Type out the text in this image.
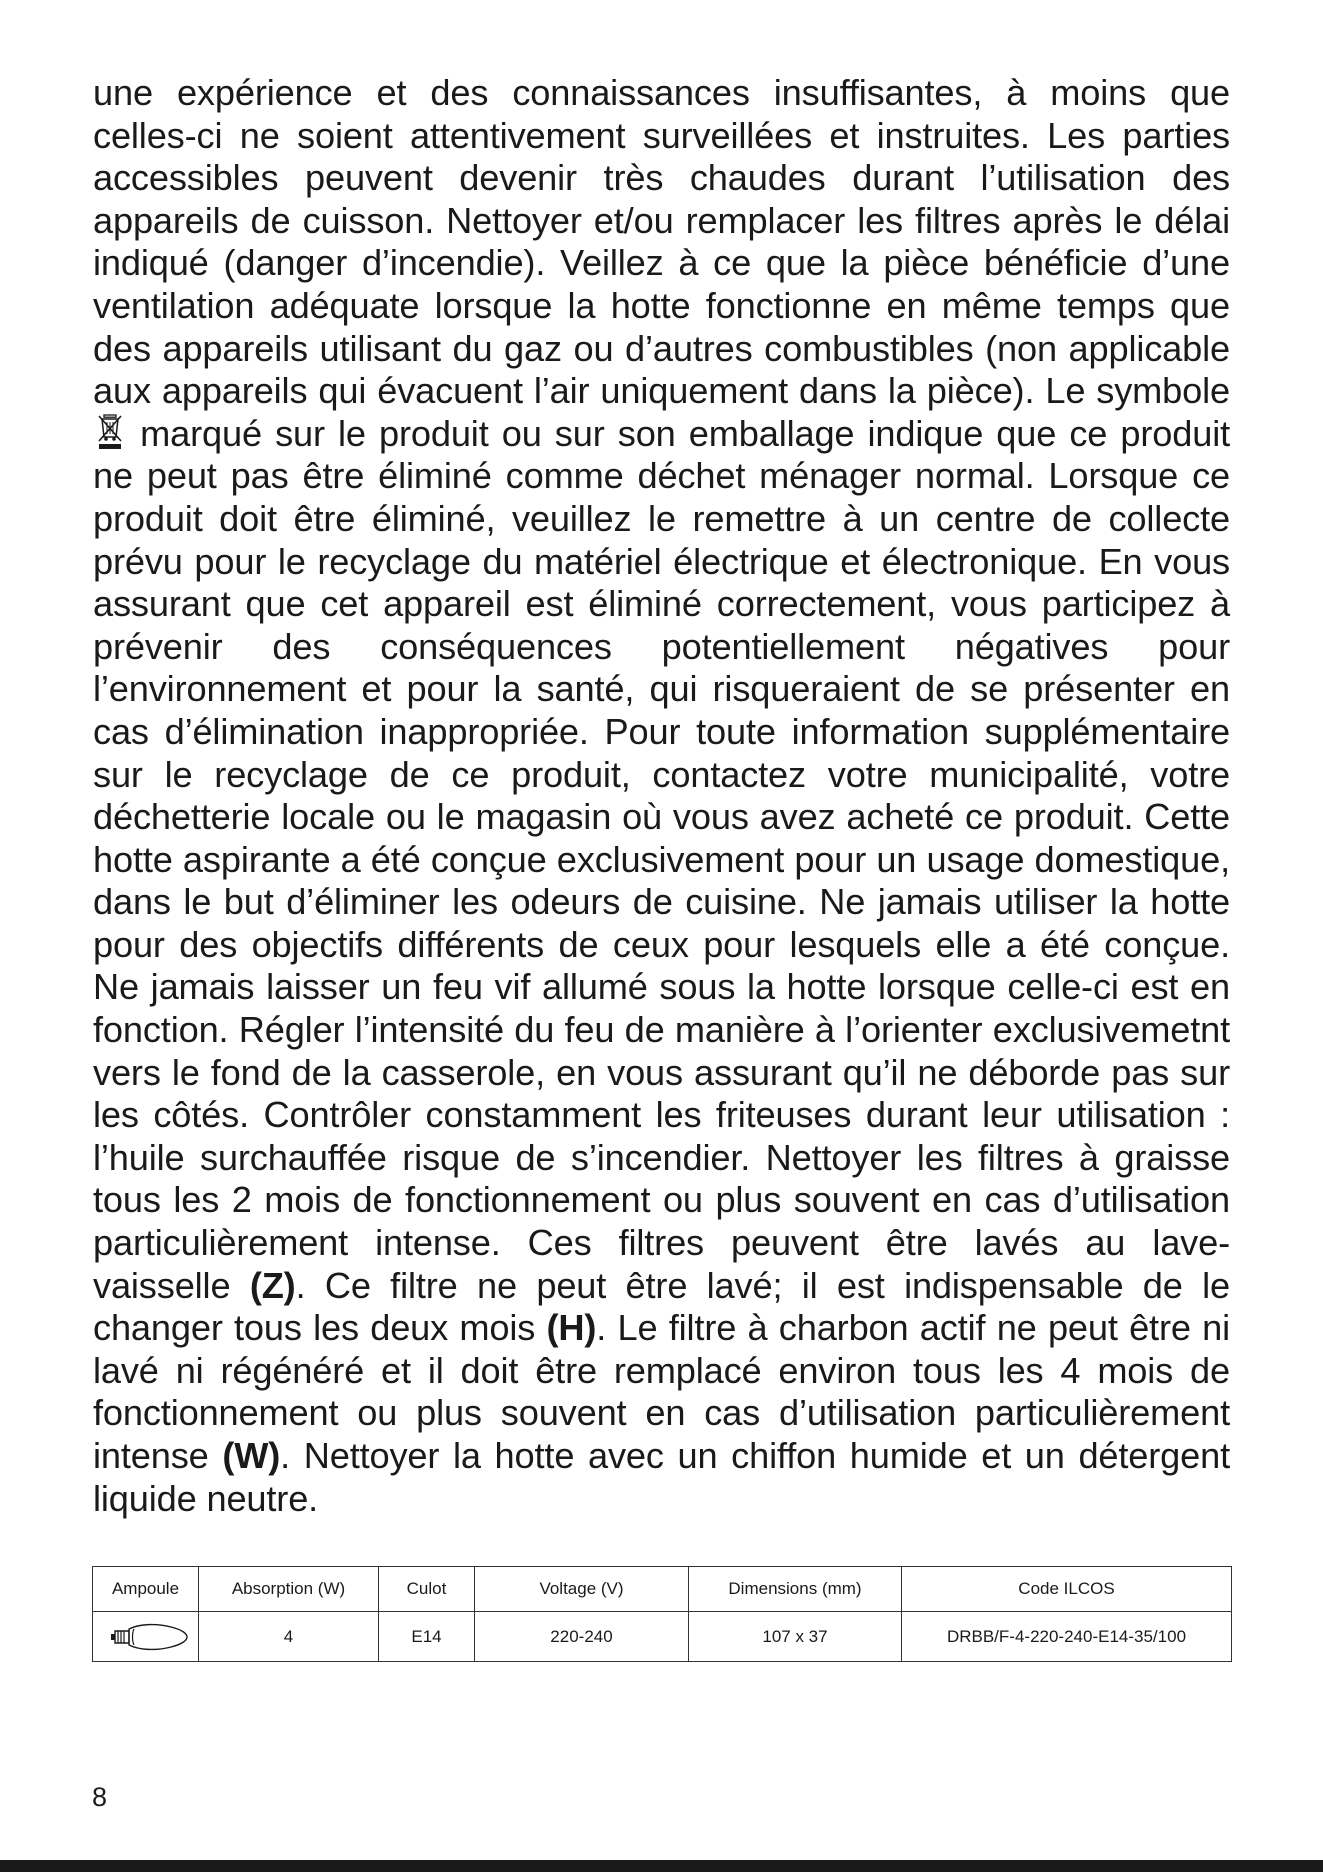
une expérience et des connaissances insuffisantes, à moins que celles-ci ne soient attentivement surveillées et instruites. Les parties accessibles peuvent devenir très chaudes durant l’utilisation des appareils de cuisson. Nettoyer et/ou remplacer les filtres après le délai indiqué (danger d’incendie). Veillez à ce que la pièce bénéficie d’une ventilation adéquate lorsque la hotte fonctionne en même temps que des appareils utilisant du gaz ou d’autres combustibles (non applicable aux appareils qui évacuent l’air uniquement dans la pièce). Le symbole
marqué sur le produit ou sur son emballage indique que ce produit ne peut pas être éliminé comme déchet ménager normal. Lorsque ce produit doit être éliminé, veuillez le remettre à un centre de collecte prévu pour le recyclage du matériel électrique et électronique. En vous assurant que cet appareil est éliminé correctement, vous participez à prévenir des conséquences potentiellement négatives pour l’environnement et pour la santé, qui risqueraient de se présenter en cas d’élimination inappropriée. Pour toute information supplémentaire sur le recyclage de ce produit, contactez votre municipalité, votre déchetterie locale ou le magasin où vous avez acheté ce produit. Cette hotte aspirante a été conçue exclusivement pour un usage domestique, dans le but d’éliminer les odeurs de cuisine. Ne jamais utiliser la hotte pour des objectifs différents de ceux pour lesquels elle a été conçue. Ne jamais laisser un feu vif allumé sous la hotte lorsque celle-ci est en fonction. Régler l’intensité du feu de manière à l’orienter exclusivemetnt vers le fond de la casserole, en vous assurant qu’il ne déborde pas sur les côtés. Contrôler constamment les friteuses durant leur utilisation : l’huile surchauffée risque de s’incendier. Nettoyer les filtres à graisse tous les 2 mois de fonctionnement ou plus souvent en cas d’utilisation particulièrement intense. Ces filtres peuvent être lavés au lave-vaisselle (Z). Ce filtre ne peut être lavé; il est indispensable de le changer tous les deux mois (H). Le filtre à charbon actif ne peut être ni lavé ni régénéré et il doit être remplacé environ tous les 4 mois de fonctionnement ou plus souvent en cas d’utilisation particulièrement intense (W). Nettoyer la hotte avec un chiffon humide et un détergent liquide neutre.

Ampoule	Absorption (W)	Culot	Voltage (V)	Dimensions (mm)	Code ILCOS

	4	E14	220-240	107 x 37	DRBB/F-4-220-240-E14-35/100
8
